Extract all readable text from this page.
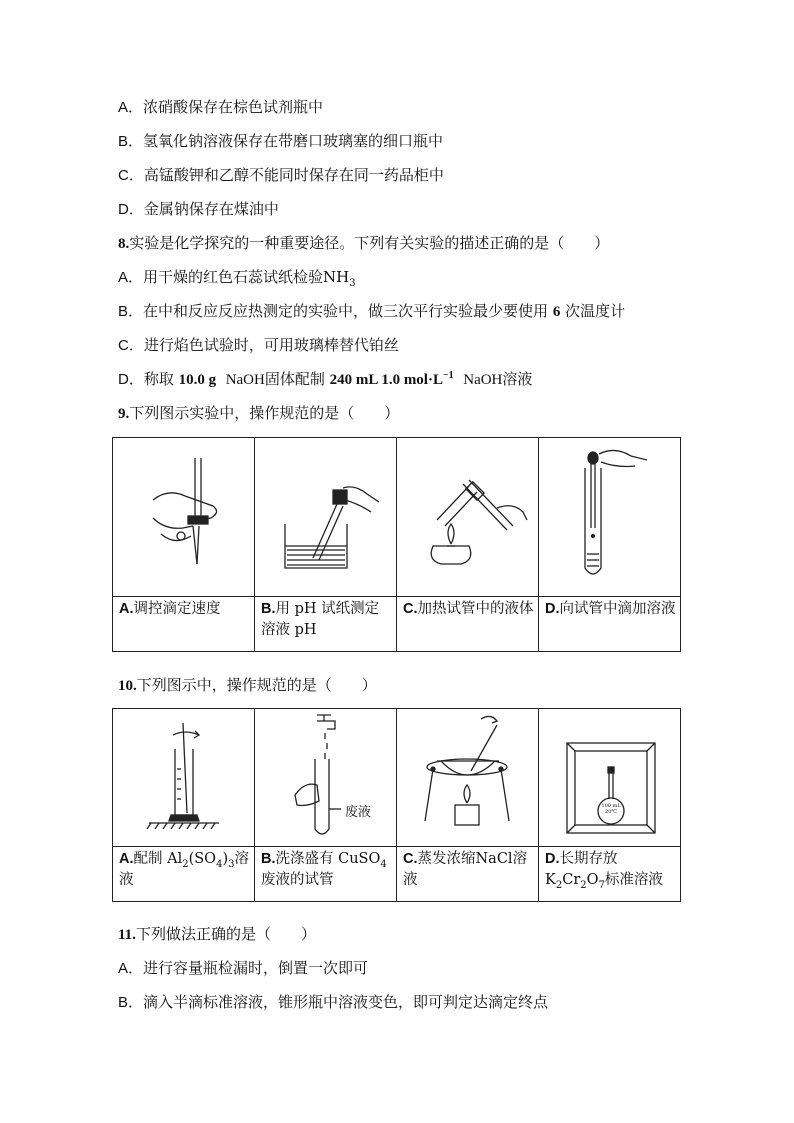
A．浓硝酸保存在棕色试剂瓶中
B．氢氧化钠溶液保存在带磨口玻璃塞的细口瓶中
C．高锰酸钾和乙醇不能同时保存在同一药品柜中
D．金属钠保存在煤油中
8.实验是化学探究的一种重要途径。下列有关实验的描述正确的是（　　）
A．用干燥的红色石蕊试纸检验$NH_3$
B．在中和反应反应热测定的实验中，做三次平行实验最少要使用 6 次温度计
C．进行焰色试验时，可用玻璃棒替代铂丝
D．称取 10.0 g NaOH固体配制 240 mL 1.0 $mol\cdot L^{-1}$ NaOH溶液
9.下列图示实验中，操作规范的是（　　）

A.调控滴定速度	B.用 pH 试纸测定溶液 pH	C.加热试管中的液体	D.向试管中滴加溶液
10.下列图示中，操作规范的是（　　）

废液		100 mL
20℃

A.配制 $Al_2(SO_4)_3$溶液	B.洗涤盛有 CuSO$_4$废液的试管	C.蒸发浓缩NaCl溶液	D.长期存放 $K_2Cr_2O_7$标准溶液
11.下列做法正确的是（　　）
A．进行容量瓶检漏时，倒置一次即可
B．滴入半滴标准溶液，锥形瓶中溶液变色，即可判定达滴定终点
